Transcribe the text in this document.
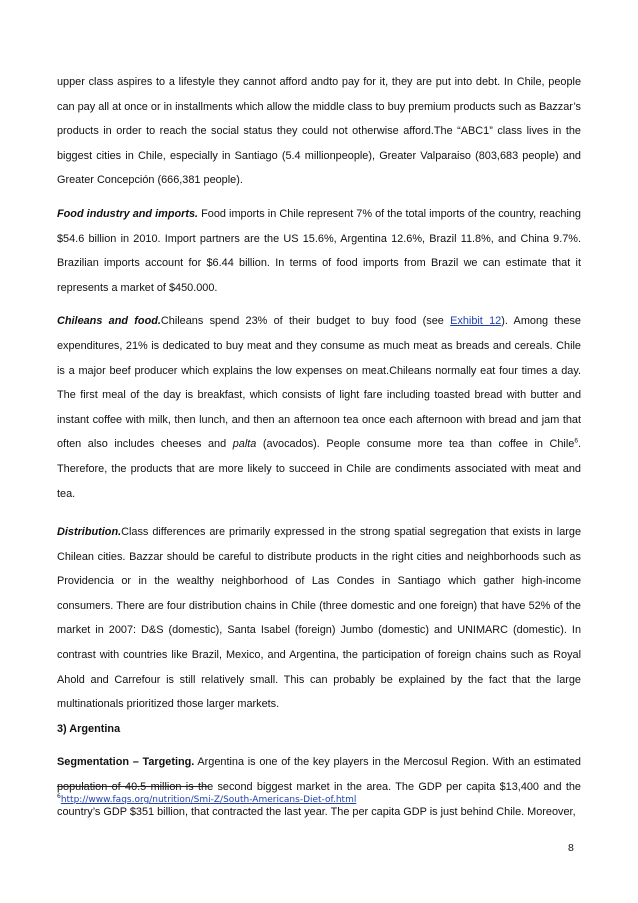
upper class aspires to a lifestyle they cannot afford andto pay for it, they are put into debt. In Chile, people can pay all at once or in installments which allow the middle class to buy premium products such as Bazzar’s products in order to reach the social status they could not otherwise afford.The “ABC1” class lives in the biggest cities in Chile, especially in Santiago (5.4 millionpeople), Greater Valparaiso (803,683 people) and Greater Concepción (666,381 people).

Food industry and imports. Food imports in Chile represent 7% of the total imports of the country, reaching $54.6 billion in 2010. Import partners are the US 15.6%, Argentina 12.6%, Brazil 11.8%, and China 9.7%. Brazilian imports account for $6.44 billion. In terms of food imports from Brazil we can estimate that it represents a market of $450.000.

Chileans and food.Chileans spend 23% of their budget to buy food (see Exhibit 12). Among these expenditures, 21% is dedicated to buy meat and they consume as much meat as breads and cereals. Chile is a major beef producer which explains the low expenses on meat.Chileans normally eat four times a day. The first meal of the day is breakfast, which consists of light fare including toasted bread with butter and instant coffee with milk, then lunch, and then an afternoon tea once each afternoon with bread and jam that often also includes cheeses and palta (avocados). People consume more tea than coffee in Chile$^6$. Therefore, the products that are more likely to succeed in Chile are condiments associated with meat and tea.

Distribution.Class differences are primarily expressed in the strong spatial segregation that exists in large Chilean cities. Bazzar should be careful to distribute products in the right cities and neighborhoods such as Providencia or in the wealthy neighborhood of Las Condes in Santiago which gather high-income consumers. There are four distribution chains in Chile (three domestic and one foreign) that have 52% of the market in 2007: D&S (domestic), Santa Isabel (foreign) Jumbo (domestic) and UNIMARC (domestic). In contrast with countries like Brazil, Mexico, and Argentina, the participation of foreign chains such as Royal Ahold and Carrefour is still relatively small. This can probably be explained by the fact that the large multinationals prioritized those larger markets.

3) Argentina

Segmentation – Targeting. Argentina is one of the key players in the Mercosul Region. With an estimated population of 40.5 million is the second biggest market in the area. The GDP per capita $13,400 and the country’s GDP $351 billion, that contracted the last year. The per capita GDP is just behind Chile. Moreover,

$^6$http://www.faqs.org/nutrition/Smi-Z/South-Americans-Diet-of.html
8
